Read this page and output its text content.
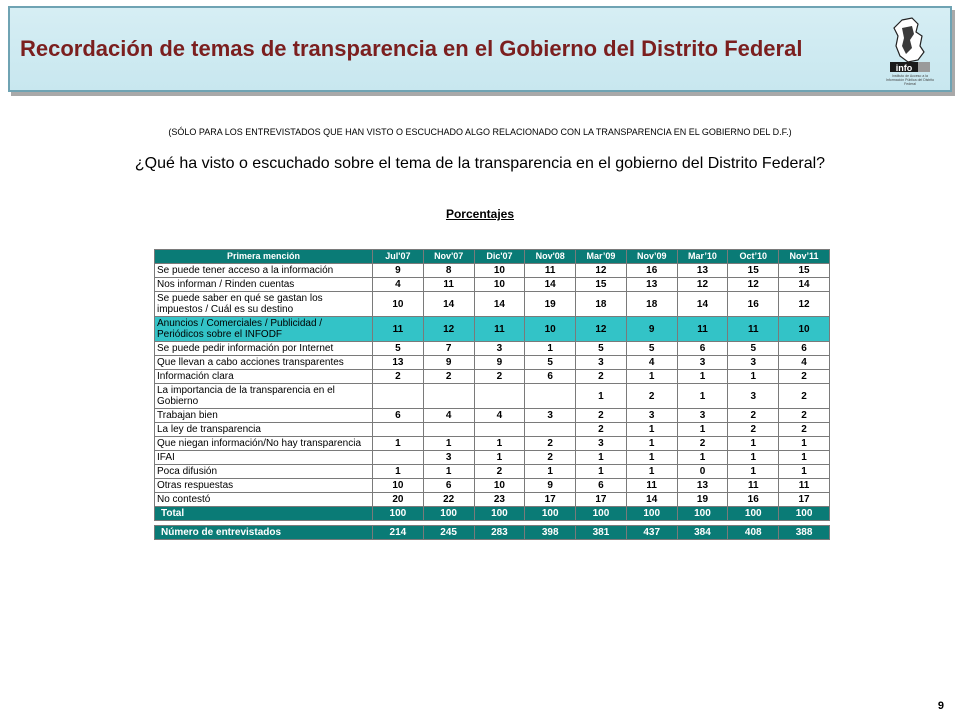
Recordación de temas de transparencia en el Gobierno del Distrito Federal
info
Instituto de Acceso a la Información Pública del Distrito Federal
(SÓLO PARA LOS ENTREVISTADOS QUE HAN VISTO O ESCUCHADO ALGO RELACIONADO CON LA TRANSPARENCIA EN EL GOBIERNO DEL D.F.)
¿Qué ha visto o escuchado sobre el tema de la transparencia en el gobierno del Distrito Federal?
Porcentajes
Primera mención	Jul'07	Nov'07	Dic'07	Nov'08	Mar’09	Nov’09	Mar’10	Oct’10	Nov’11
Se puede tener acceso a la información	9	8	10	11	12	16	13	15	15
Nos informan / Rinden cuentas	4	11	10	14	15	13	12	12	14
Se puede saber en qué se gastan los impuestos / Cuál es su destino	10	14	14	19	18	18	14	16	12
Anuncios / Comerciales / Publicidad / Periódicos sobre el INFODF	11	12	11	10	12	9	11	11	10
Se puede pedir información por Internet	5	7	3	1	5	5	6	5	6
Que llevan a cabo acciones transparentes	13	9	9	5	3	4	3	3	4
Información clara	2	2	2	6	2	1	1	1	2
La importancia de la transparencia en el Gobierno					1	2	1	3	2
Trabajan bien	6	4	4	3	2	3	3	2	2
La ley de transparencia					2	1	1	2	2
Que niegan información/No hay transparencia	1	1	1	2	3	1	2	1	1
IFAI		3	1	2	1	1	1	1	1
Poca difusión	1	1	2	1	1	1	0	1	1
Otras respuestas	10	6	10	9	6	11	13	11	11
No contestó	20	22	23	17	17	14	19	16	17
Total	100	100	100	100	100	100	100	100	100

Número de entrevistados	214	245	283	398	381	437	384	408	388
9
